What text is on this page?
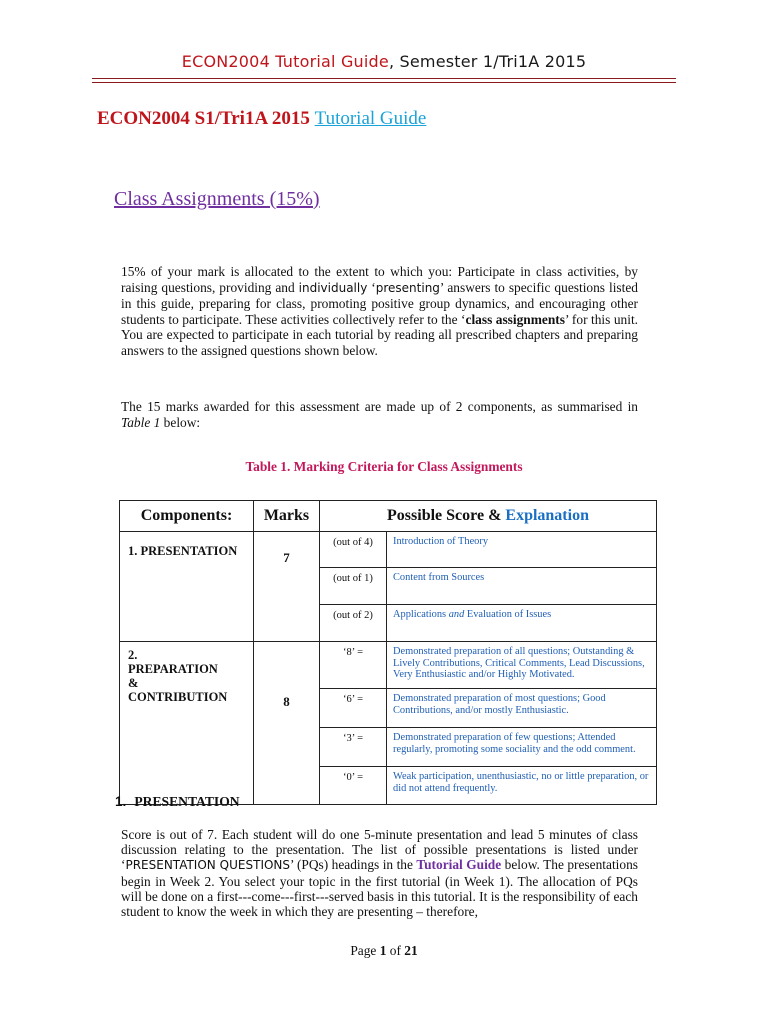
ECON2004 Tutorial Guide, Semester 1/Tri1A 2015
ECON2004 S1/Tri1A 2015 Tutorial Guide
Class Assignments (15%)
15% of your mark is allocated to the extent to which you: Participate in class activities, by raising questions, providing and individually ‘presenting’ answers to specific questions listed in this guide, preparing for class, promoting positive group dynamics, and encouraging other students to participate. These activities collectively refer to the ‘class assignments’ for this unit. You are expected to participate in each tutorial by reading all prescribed chapters and preparing answers to the assigned questions shown below.
The 15 marks awarded for this assessment are made up of 2 components, as summarised in Table 1 below:
Table 1. Marking Criteria for Class Assignments
Components:	Marks	Possible Score & Explanation	
1. PRESENTATION	7	(out of 4)	Introduction of Theory
		(out of 1)	Content from Sources
		(out of 2)	Applications and Evaluation of Issues

2.
PREPARATION
&
CONTRIBUTION	8	‘8’ =	Demonstrated preparation of all questions; Outstanding & Lively Contributions, Critical Comments, Lead Discussions, Very Enthusiastic and/or Highly Motivated.
		‘6’ =	Demonstrated preparation of most questions; Good Contributions, and/or mostly Enthusiastic.
		‘3’ =	Demonstrated preparation of few questions; Attended regularly, promoting some sociality and the odd comment.
		‘0’ =	Weak participation, unenthusiastic, no or little preparation, or did not attend frequently.
1. PRESENTATION
Score is out of 7. Each student will do one 5-minute presentation and lead 5 minutes of class discussion relating to the presentation. The list of possible presentations is listed under ‘PRESENTATION QUESTIONS’ (PQs) headings in the Tutorial Guide below. The presentations begin in Week 2. You select your topic in the first tutorial (in Week 1). The allocation of PQs will be done on a first---come---first---served basis in this tutorial. It is the responsibility of each student to know the week in which they are presenting – therefore,
Page 1 of 21
